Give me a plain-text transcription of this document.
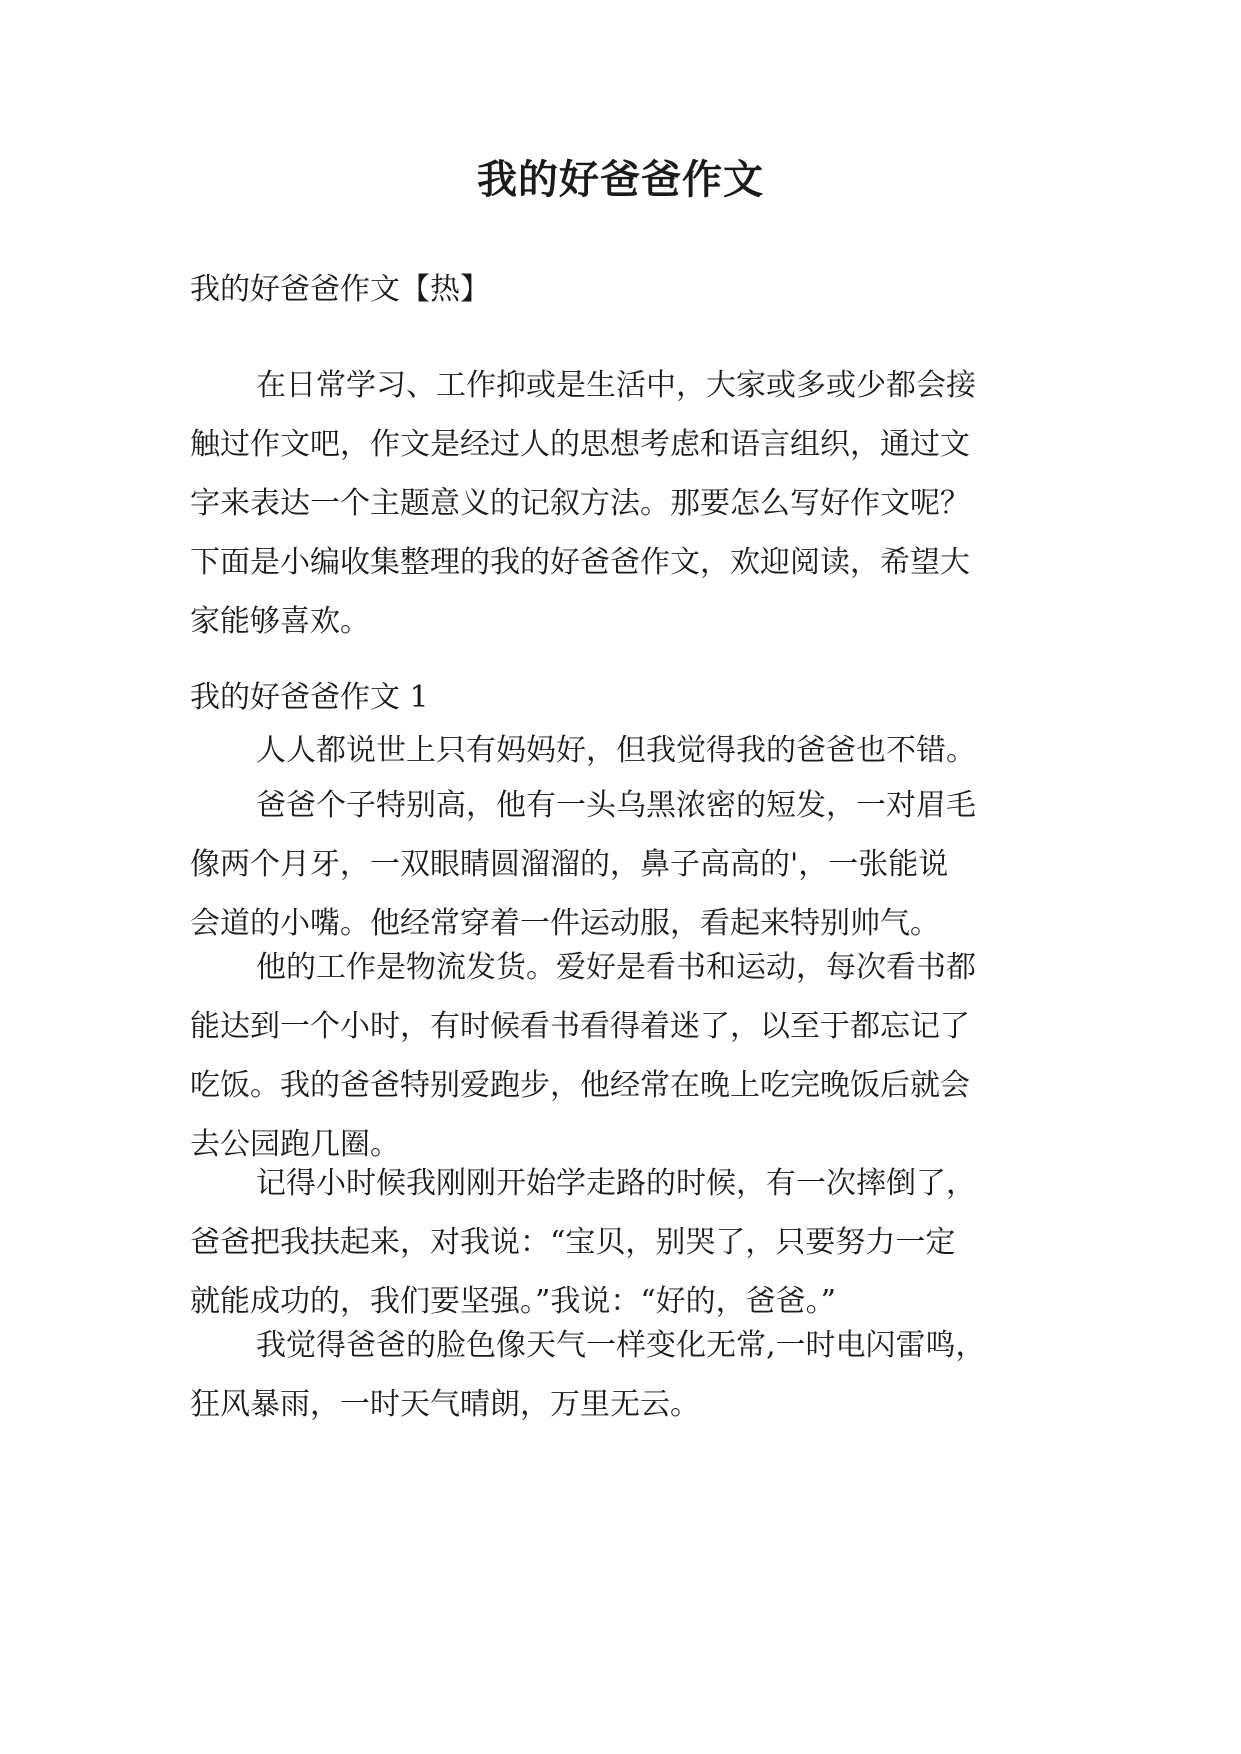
我的好爸爸作文
我的好爸爸作文【热】
在日常学习、工作抑或是生活中，大家或多或少都会接
触过作文吧，作文是经过人的思想考虑和语言组织，通过文
字来表达一个主题意义的记叙方法。那要怎么写好作文呢？
下面是小编收集整理的我的好爸爸作文，欢迎阅读，希望大
家能够喜欢。
我的好爸爸作文 1
人人都说世上只有妈妈好，但我觉得我的爸爸也不错。
爸爸个子特别高，他有一头乌黑浓密的短发，一对眉毛
像两个月牙，一双眼睛圆溜溜的，鼻子高高的'，一张能说
会道的小嘴。他经常穿着一件运动服，看起来特别帅气。
他的工作是物流发货。爱好是看书和运动，每次看书都
能达到一个小时，有时候看书看得着迷了，以至于都忘记了
吃饭。我的爸爸特别爱跑步，他经常在晚上吃完晚饭后就会
去公园跑几圈。
记得小时候我刚刚开始学走路的时候，有一次摔倒了，
爸爸把我扶起来，对我说：“宝贝，别哭了，只要努力一定
就能成功的，我们要坚强。”我说：“好的，爸爸。”
我觉得爸爸的脸色像天气一样变化无常,一时电闪雷鸣，
狂风暴雨，一时天气晴朗，万里无云。
